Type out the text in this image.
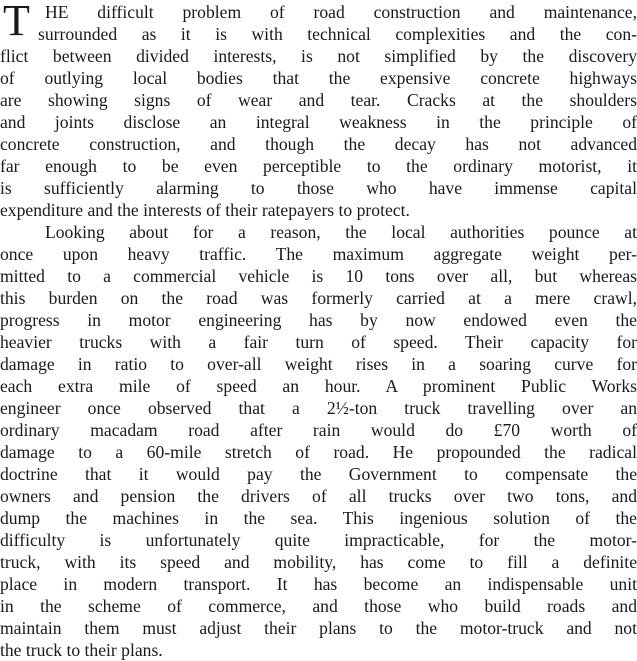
T HE difficult problem of road construction and maintenance,
surrounded as it is with technical complexities and the con-
flict between divided interests, is not simplified by the discovery
of outlying local bodies that the expensive concrete highways
are showing signs of wear and tear. Cracks at the shoulders
and joints disclose an integral weakness in the principle of
concrete construction, and though the decay has not advanced
far enough to be even perceptible to the ordinary motorist, it
is sufficiently alarming to those who have immense capital
expenditure and the interests of their ratepayers to protect.
Looking about for a reason, the local authorities pounce at
once upon heavy traffic. The maximum aggregate weight per-
mitted to a commercial vehicle is 10 tons over all, but whereas
this burden on the road was formerly carried at a mere crawl,
progress in motor engineering has by now endowed even the
heavier trucks with a fair turn of speed. Their capacity for
damage in ratio to over-all weight rises in a soaring curve for
each extra mile of speed an hour. A prominent Public Works
engineer once observed that a 2½-ton truck travelling over an
ordinary macadam road after rain would do £70 worth of
damage to a 60-mile stretch of road. He propounded the radical
doctrine that it would pay the Government to compensate the
owners and pension the drivers of all trucks over two tons, and
dump the machines in the sea. This ingenious solution of the
difficulty is unfortunately quite impracticable, for the motor-
truck, with its speed and mobility, has come to fill a definite
place in modern transport. It has become an indispensable unit
in the scheme of commerce, and those who build roads and
maintain them must adjust their plans to the motor-truck and not
the truck to their plans.
